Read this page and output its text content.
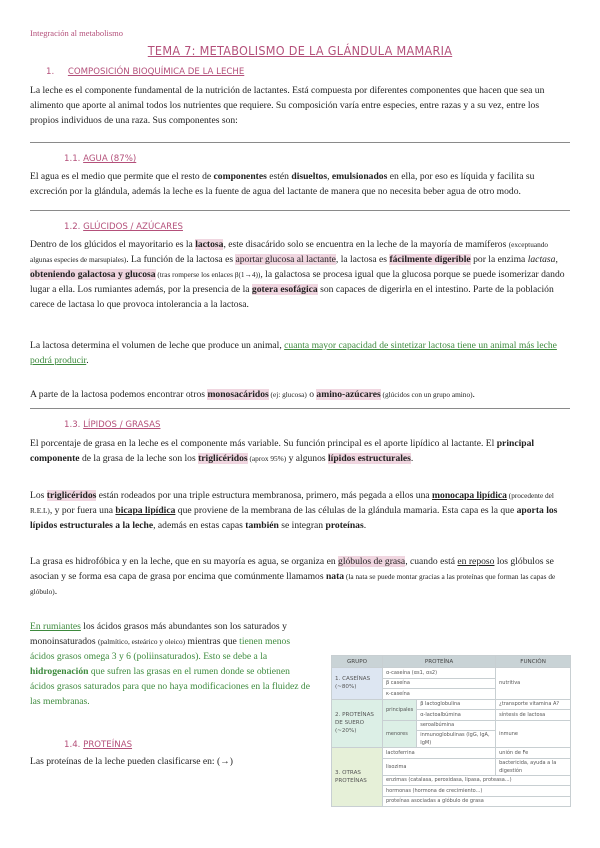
Integración al metabolismo
TEMA 7: METABOLISMO DE LA GLÁNDULA MAMARIA
1. COMPOSICIÓN BIOQUÍMICA DE LA LECHE
La leche es el componente fundamental de la nutrición de lactantes. Está compuesta por diferentes componentes que hacen que sea un alimento que aporte al animal todos los nutrientes que requiere. Su composición varía entre especies, entre razas y a su vez, entre los propios individuos de una raza. Sus componentes son:
1.1. AGUA (87%)
El agua es el medio que permite que el resto de componentes estén disueltos, emulsionados en ella, por eso es líquida y facilita su excreción por la glándula, además la leche es la fuente de agua del lactante de manera que no necesita beber agua de otro modo.
1.2. GLÚCIDOS / AZÚCARES
Dentro de los glúcidos el mayoritario es la lactosa, este disacárido solo se encuentra en la leche de la mayoría de mamíferos (exceptuando algunas especies de marsupiales). La función de la lactosa es aportar glucosa al lactante, la lactosa es fácilmente digerible por la enzima lactasa, obteniendo galactosa y glucosa (tras romperse los enlaces β(1→4)), la galactosa se procesa igual que la glucosa porque se puede isomerizar dando lugar a ella. Los rumiantes además, por la presencia de la gotera esofágica son capaces de digerirla en el intestino. Parte de la población carece de lactasa lo que provoca intolerancia a la lactosa.
La lactosa determina el volumen de leche que produce un animal, cuanta mayor capacidad de sintetizar lactosa tiene un animal más leche podrá producir.
A parte de la lactosa podemos encontrar otros monosacáridos (ej: glucosa) o amino-azúcares (glúcidos con un grupo amino).
1.3. LÍPIDOS / GRASAS
El porcentaje de grasa en la leche es el componente más variable. Su función principal es el aporte lipídico al lactante. El principal componente de la grasa de la leche son los triglicéridos (aprox 95%) y algunos lípidos estructurales.
Los triglicéridos están rodeados por una triple estructura membranosa, primero, más pegada a ellos una monocapa lipídica (procedente del R.E.L), y por fuera una bicapa lipídica que proviene de la membrana de las células de la glándula mamaria. Esta capa es la que aporta los lípidos estructurales a la leche, además en estas capas también se integran proteínas.
La grasa es hidrofóbica y en la leche, que en su mayoría es agua, se organiza en glóbulos de grasa, cuando está en reposo los glóbulos se asocian y se forma esa capa de grasa por encima que comúnmente llamamos nata (la nata se puede montar gracias a las proteínas que forman las capas de glóbulo).
En rumiantes los ácidos grasos más abundantes son los saturados y monoinsaturados (palmítico, esteárico y oleico) mientras que tienen menos ácidos grasos omega 3 y 6 (poliinsaturados). Esto se debe a la hidrogenación que sufren las grasas en el rumen donde se obtienen ácidos grasos saturados para que no haya modificaciones en la fluidez de las membranas.
1.4. PROTEÍNAS
Las proteínas de la leche pueden clasificarse en: (→)
GRUPO	PROTEÍNA		FUNCIÓN
1. CASEÍNAS (~80%)	α-caseína (αs1, αs2)		nutritiva
	β caseína		
	κ-caseína		
2. PROTEÍNAS DE SUERO (~20%)	principales	β lactoglobulina	¿transporte vitamina A?
		α-lactoalbúmina	síntesis de lactosa
	menores	seroalbúmina	inmune
		inmunoglobulinas (IgG, IgA, IgM)	
3. OTRAS PROTEÍNAS	lactoferrina		unión de Fe
	lisozima		bactericida, ayuda a la digestión
	enzimas (catalasa, peroxidasa, lipasa, proteasa...)		
	hormonas (hormona de crecimiento...)		
	proteínas asociadas a glóbulo de grasa		
